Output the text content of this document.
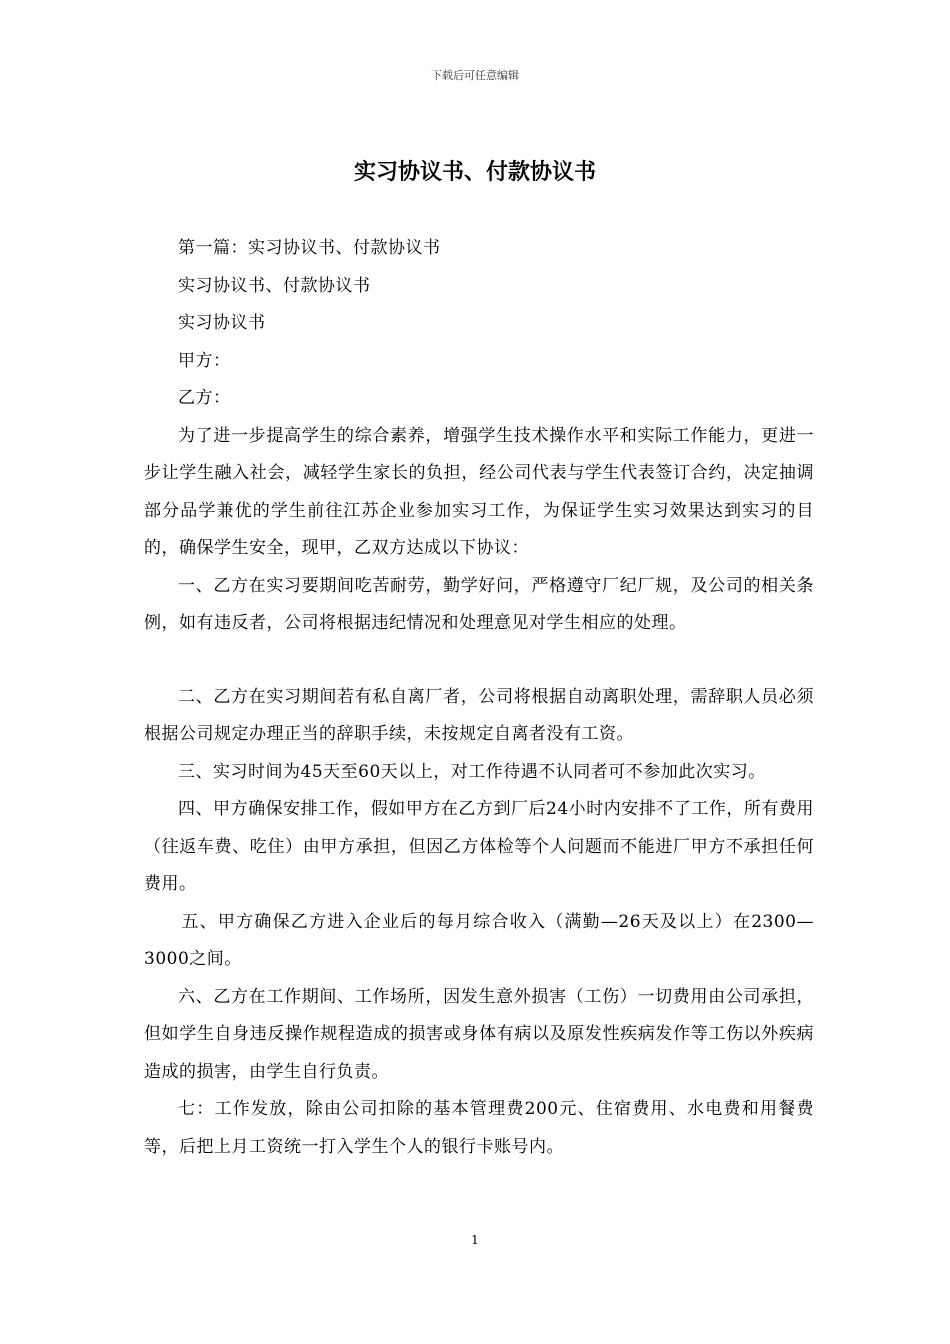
下载后可任意编辑
实习协议书、付款协议书

第一篇：实习协议书、付款协议书

实习协议书、付款协议书

实习协议书

甲方：

乙方：

为了进一步提高学生的综合素养，增强学生技术操作水平和实际工作能力，更进一步让学生融入社会，减轻学生家长的负担，经公司代表与学生代表签订合约，决定抽调部分品学兼优的学生前往江苏企业参加实习工作，为保证学生实习效果达到实习的目的，确保学生安全，现甲，乙双方达成以下协议：

一、乙方在实习要期间吃苦耐劳，勤学好问，严格遵守厂纪厂规，及公司的相关条例，如有违反者，公司将根据违纪情况和处理意见对学生相应的处理。

二、乙方在实习期间若有私自离厂者，公司将根据自动离职处理，需辞职人员必须根据公司规定办理正当的辞职手续，未按规定自离者没有工资。

三、实习时间为45天至60天以上，对工作待遇不认同者可不参加此次实习。

四、甲方确保安排工作，假如甲方在乙方到厂后24小时内安排不了工作，所有费用（往返车费、吃住）由甲方承担，但因乙方体检等个人问题而不能进厂甲方不承担任何费用。

五、甲方确保乙方进入企业后的每月综合收入（满勤—26天及以上）在2300—3000之间。

六、乙方在工作期间、工作场所，因发生意外损害（工伤）一切费用由公司承担，但如学生自身违反操作规程造成的损害或身体有病以及原发性疾病发作等工伤以外疾病造成的损害，由学生自行负责。

七：工作发放，除由公司扣除的基本管理费200元、住宿费用、水电费和用餐费等，后把上月工资统一打入学生个人的银行卡账号内。

1
